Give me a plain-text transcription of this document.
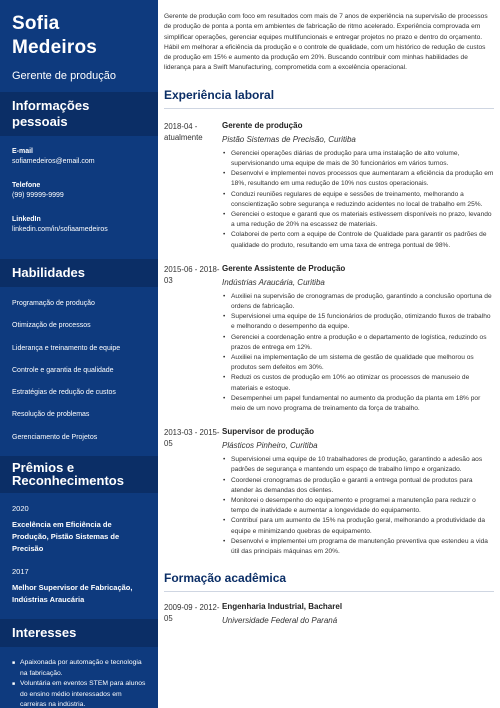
Sofia Medeiros
Gerente de produção
Informações pessoais
E-mail
sofiamedeiros@email.com
Telefone
(99) 99999-9999
LinkedIn
linkedin.com/in/sofiaamedeiros
Habilidades
Programação de produção
Otimização de processos
Liderança e treinamento de equipe
Controle e garantia de qualidade
Estratégias de redução de custos
Resolução de problemas
Gerenciamento de Projetos
Prêmios e Reconhecimentos
2020
Excelência em Eficiência de Produção, Pistão Sistemas de Precisão
2017
Melhor Supervisor de Fabricação, Indústrias Araucária
Interesses
■ Apaixonada por automação e tecnologia na fabricação.
■ Voluntária em eventos STEM para alunos do ensino médio interessados em carreiras na indústria.
Gerente de produção com foco em resultados com mais de 7 anos de experiência na supervisão de processos de produção de ponta a ponta em ambientes de fabricação de ritmo acelerado. Experiência comprovada em simplificar operações, gerenciar equipes multifuncionais e entregar projetos no prazo e dentro do orçamento. Hábil em melhorar a eficiência da produção e o controle de qualidade, com um histórico de redução de custos de produção em 15% e aumento da produção em 20%. Buscando contribuir com minhas habilidades de liderança para a Swift Manufacturing, comprometida com a excelência operacional.
Experiência laboral
2018-04 - atualmente
Gerente de produção
Pistão Sistemas de Precisão, Curitiba
• Gerenciei operações diárias de produção para uma instalação de alto volume, supervisionando uma equipe de mais de 30 funcionários em vários turnos.
• Desenvolvi e implementei novos processos que aumentaram a eficiência da produção em 18%, resultando em uma redução de 10% nos custos operacionais.
• Conduzi reuniões regulares de equipe e sessões de treinamento, melhorando a conscientização sobre segurança e reduzindo acidentes no local de trabalho em 25%.
• Gerenciei o estoque e garanti que os materiais estivessem disponíveis no prazo, levando a uma redução de 20% na escassez de materiais.
• Colaborei de perto com a equipe de Controle de Qualidade para garantir os padrões de qualidade do produto, resultando em uma taxa de entrega pontual de 98%.
2015-06 - 2018-03
Gerente Assistente de Produção
Indústrias Araucária, Curitiba
• Auxiliei na supervisão de cronogramas de produção, garantindo a conclusão oportuna de ordens de fabricação.
• Supervisionei uma equipe de 15 funcionários de produção, otimizando fluxos de trabalho e melhorando o desempenho da equipe.
• Gerenciei a coordenação entre a produção e o departamento de logística, reduzindo os prazos de entrega em 12%.
• Auxiliei na implementação de um sistema de gestão de qualidade que melhorou os produtos sem defeitos em 30%.
• Reduzi os custos de produção em 10% ao otimizar os processos de manuseio de materiais e estoque.
• Desempenhei um papel fundamental no aumento da produção da planta em 18% por meio de um novo programa de treinamento da força de trabalho.
2013-03 - 2015-05
Supervisor de produção
Plásticos Pinheiro, Curitiba
• Supervisionei uma equipe de 10 trabalhadores de produção, garantindo a adesão aos padrões de segurança e mantendo um espaço de trabalho limpo e organizado.
• Coordenei cronogramas de produção e garanti a entrega pontual de produtos para atender às demandas dos clientes.
• Monitorei o desempenho do equipamento e programei a manutenção para reduzir o tempo de inatividade e aumentar a longevidade do equipamento.
• Contribuí para um aumento de 15% na produção geral, melhorando a produtividade da equipe e minimizando quebras de equipamento.
• Desenvolvi e implementei um programa de manutenção preventiva que estendeu a vida útil das principais máquinas em 20%.
Formação acadêmica
2009-09 - 2012-05
Engenharia Industrial, Bacharel
Universidade Federal do Paraná
